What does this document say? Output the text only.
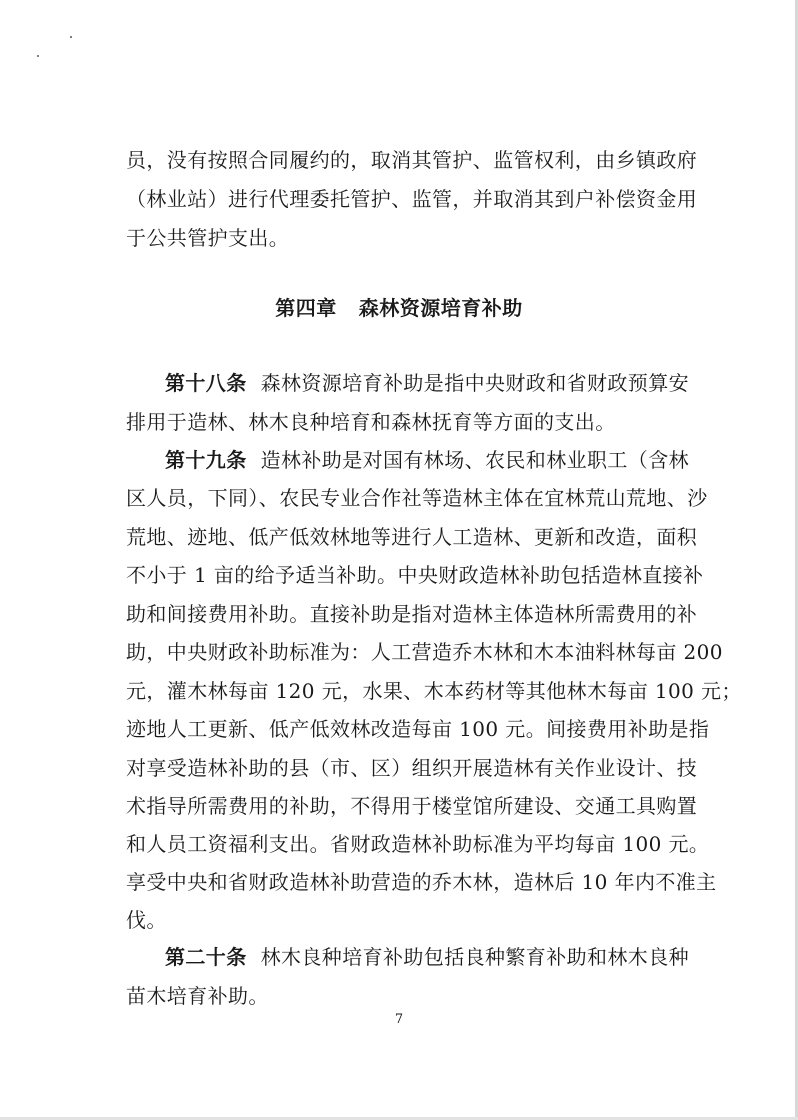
员，没有按照合同履约的，取消其管护、监管权利，由乡镇政府
（林业站）进行代理委托管护、监管，并取消其到户补偿资金用
于公共管护支出。
第四章 森林资源培育补助
第十八条 森林资源培育补助是指中央财政和省财政预算安
排用于造林、林木良种培育和森林抚育等方面的支出。
第十九条 造林补助是对国有林场、农民和林业职工（含林
区人员，下同）、农民专业合作社等造林主体在宜林荒山荒地、沙
荒地、迹地、低产低效林地等进行人工造林、更新和改造，面积
不小于 1 亩的给予适当补助。中央财政造林补助包括造林直接补
助和间接费用补助。直接补助是指对造林主体造林所需费用的补
助，中央财政补助标准为：人工营造乔木林和木本油料林每亩 200
元，灌木林每亩 120 元，水果、木本药材等其他林木每亩 100 元；
迹地人工更新、低产低效林改造每亩 100 元。间接费用补助是指
对享受造林补助的县（市、区）组织开展造林有关作业设计、技
术指导所需费用的补助，不得用于楼堂馆所建设、交通工具购置
和人员工资福利支出。省财政造林补助标准为平均每亩 100 元。
享受中央和省财政造林补助营造的乔木林，造林后 10 年内不准主
伐。
第二十条 林木良种培育补助包括良种繁育补助和林木良种
苗木培育补助。
7
